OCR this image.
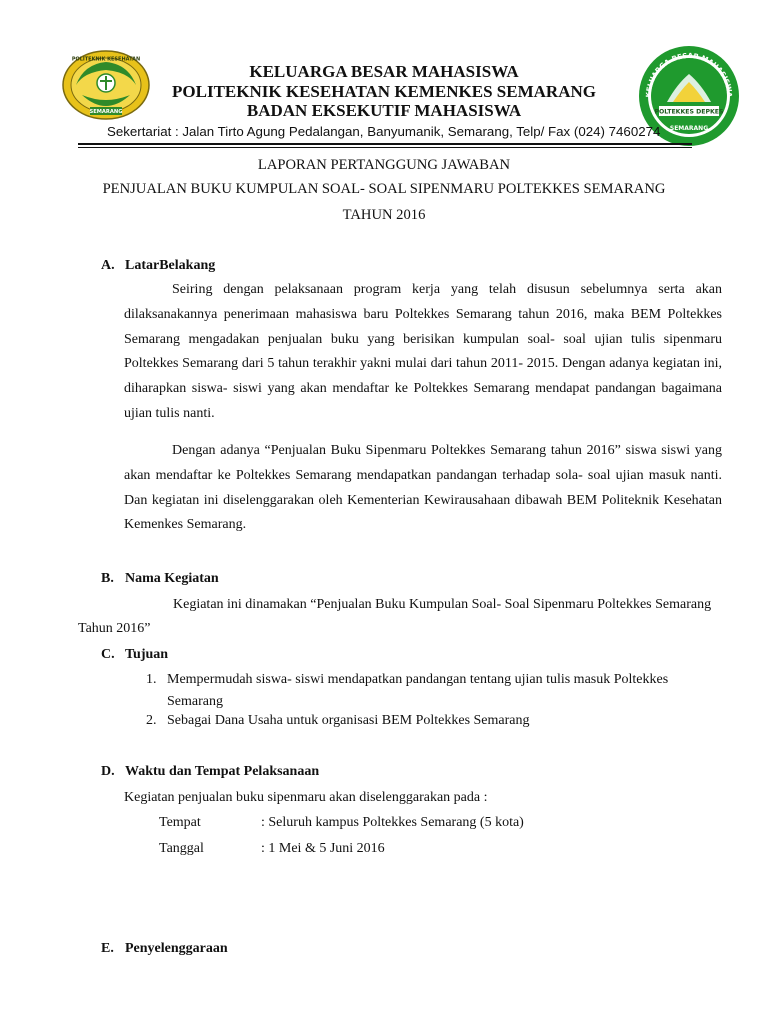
POLITEKNIK KESEHATAN
SEMARANG
KELUARGA BESAR MAHASISWA
POLTEKKES DEPKES
SEMARANG
KELUARGA BESAR MAHASISWA
POLITEKNIK KESEHATAN KEMENKES SEMARANG
BADAN EKSEKUTIF MAHASISWA
Sekertariat : Jalan Tirto Agung Pedalangan, Banyumanik, Semarang, Telp/ Fax (024) 7460274
LAPORAN PERTANGGUNG JAWABAN
PENJUALAN BUKU KUMPULAN SOAL- SOAL SIPENMARU POLTEKKES SEMARANG
TAHUN 2016
A. LatarBelakang

Seiring dengan pelaksanaan program kerja yang telah disusun sebelumnya serta akan dilaksanakannya penerimaan mahasiswa baru Poltekkes Semarang tahun 2016, maka BEM Poltekkes Semarang mengadakan penjualan buku yang berisikan kumpulan soal- soal ujian tulis sipenmaru Poltekkes Semarang dari 5 tahun terakhir yakni mulai dari tahun 2011- 2015. Dengan adanya kegiatan ini, diharapkan siswa- siswi yang akan mendaftar ke Poltekkes Semarang mendapat pandangan bagaimana ujian tulis nanti.

Dengan adanya “Penjualan Buku Sipenmaru Poltekkes Semarang tahun 2016” siswa siswi yang akan mendaftar ke Poltekkes Semarang mendapatkan pandangan terhadap sola- soal ujian masuk nanti. Dan kegiatan ini diselenggarakan oleh Kementerian Kewirausahaan dibawah BEM Politeknik Kesehatan Kemenkes Semarang.

B. Nama Kegiatan

Kegiatan ini dinamakan “Penjualan Buku Kumpulan Soal- Soal Sipenmaru Poltekkes Semarang Tahun 2016”

C. Tujuan
1. Mempermudah siswa- siswi mendapatkan pandangan tentang ujian tulis masuk Poltekkes Semarang
2. Sebagai Dana Usaha untuk organisasi BEM Poltekkes Semarang
D. Waktu dan Tempat Pelaksanaan
Kegiatan penjualan buku sipenmaru akan diselenggarakan pada :
Tempat	: Seluruh kampus Poltekkes Semarang (5 kota)
Tanggal	: 1 Mei & 5 Juni 2016
E. Penyelenggaraan
